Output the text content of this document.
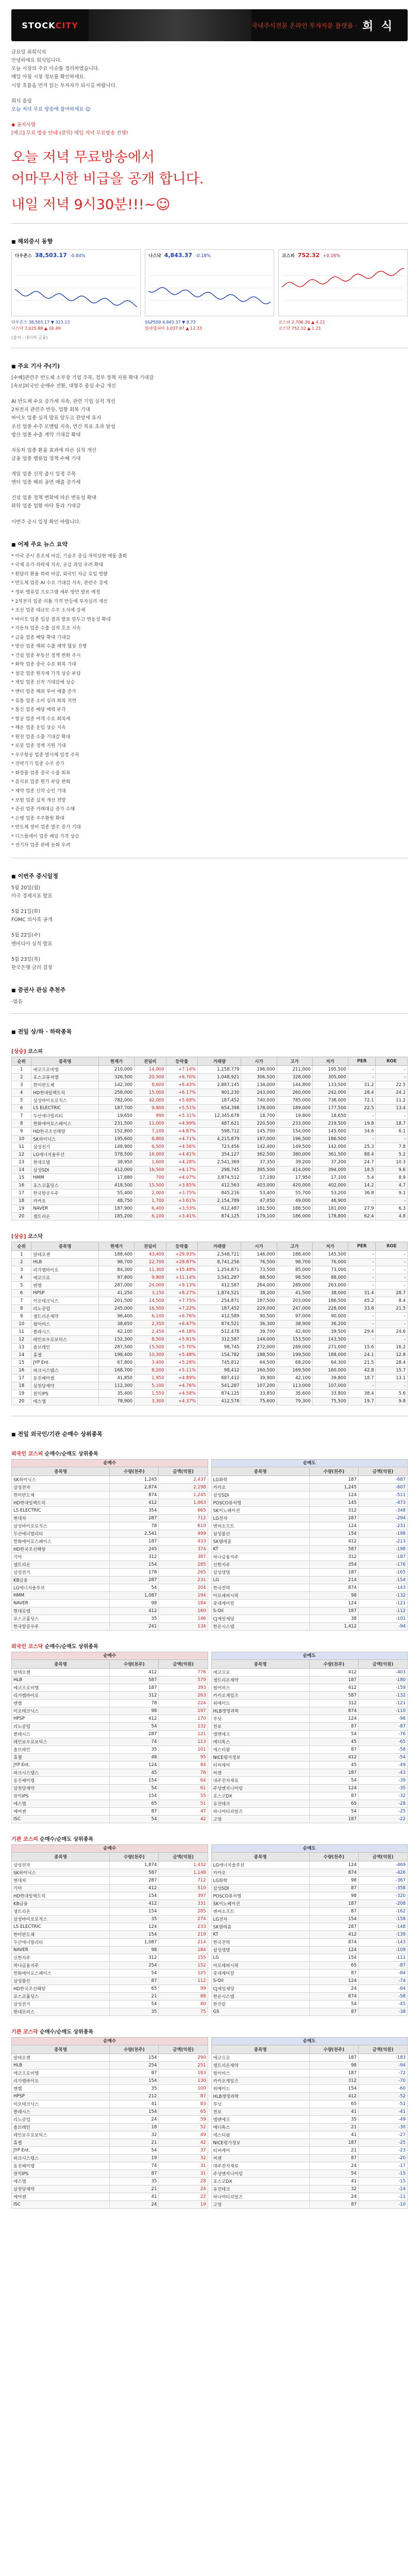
STOCK CITY	국내주식전문 온라인 투자자문 플랫폼 · 희 식

금요일 최희식의

안녕하세요 희식입니다.

오늘 시장의 주요 이슈를 정리하였습니다.

매일 아침 시장 정보를 확인하세요.

시장 흐름을 먼저 읽는 투자자가 되시길 바랍니다.

희식 올림

오늘 저녁 무료 방송에 참여하세요 ☺

◆ 공지사항

[예고] 무료 방송 안내 (클릭) 매일 저녁 무료방송 진행!

오늘 저녁 무료방송에서

어마무시한 비급을 공개 합니다.

내일 저녁 9시30분!!!~☺

■ 해외증시 동향
다우존스 38,503.17 -0.84%	나스닥 4,843.37 -0.18%	코스피 752.32 +0.16%
다우존스 38,503.17 ▼ 323.13
나스닥 7,025.88 ▲ 16.49
S&P500 4,843.37 ▼ 8.73
필라델피아 3,037.97 ▲ 12.33
코스피 2,706.36 ▲ 4.22
코스닥 752.32 ▲ 1.21
(출처 : 네이버 금융)
■ 주요 기사 주(기)

[수혜]관련주 반도체 소부장 기업 주목, 정부 정책 지원 확대 기대감

[속보]외국인 순매수 전환, 대형주 중심 수급 개선

AI 반도체 수요 증가세 지속, 관련 기업 실적 개선

2차전지 관련주 반등, 업황 회복 기대

바이오 업종 실적 발표 앞두고 관망세 유지

조선 업종 수주 모멘텀 지속, 연간 목표 초과 달성

방산 업종 수출 계약 기대감 확대

자동차 업종 환율 효과에 따른 실적 개선

금융 업종 밸류업 정책 수혜 기대

게임 업종 신작 출시 일정 주목

엔터 업종 해외 공연 매출 증가세

건설 업종 정책 변화에 따른 변동성 확대

화학 업종 업황 바닥 통과 기대감

이번주 증시 일정 확인 바랍니다.

■ 어제 주요 뉴스 요약

* 미국 증시 혼조세 마감, 기술주 중심 차익실현 매물 출회

* 국제 유가 하락세 지속, 공급 과잉 우려 확대

* 원달러 환율 하락 마감, 외국인 자금 유입 영향

* 반도체 업종 AI 수요 기대감 지속, 관련주 강세

* 정부 밸류업 프로그램 세부 방안 발표 예정

* 2차전지 업종 리튬 가격 반등에 투자심리 개선

* 조선 업종 대규모 수주 소식에 강세

* 바이오 업종 임상 결과 발표 앞두고 변동성 확대

* 자동차 업종 수출 실적 호조 지속

* 금융 업종 배당 확대 기대감

* 방산 업종 해외 수출 계약 협상 진행

* 건설 업종 부동산 정책 변화 주시

* 화학 업종 중국 수요 회복 기대

* 철강 업종 원자재 가격 상승 부담

* 게임 업종 신작 기대감에 상승

* 엔터 업종 해외 투어 매출 증가

* 유통 업종 소비 심리 회복 지연

* 통신 업종 배당 매력 부각

* 항공 업종 여객 수요 회복세

* 해운 업종 운임 상승 지속

* 원전 업종 수출 기대감 확대

* 로봇 업종 정책 지원 기대

* 우주항공 업종 발사체 일정 주목

* 전력기기 업종 수주 증가

* 화장품 업종 중국 수출 회복

* 음식료 업종 원가 부담 완화

* 제약 업종 신약 승인 기대

* 보험 업종 실적 개선 전망

* 증권 업종 거래대금 증가 수혜

* 은행 업종 주주환원 확대

* 반도체 장비 업종 발주 증가 기대

* 디스플레이 업종 패널 가격 상승

* 전기차 업종 판매 둔화 우려

■ 이번주 증시일정

5월 20일(월)

미국 경제지표 발표

5월 21일(화)

FOMC 의사록 공개

5월 22일(수)

엔비디아 실적 발표

5월 23일(목)

한국은행 금리 결정

■ 증권사 관심 추천주
-없음
■ 전일 상/하 · 하락종목
[상승] 코스피
순위	종목명	현재가	전일비	등락률	거래량	시가	고가	저가	PER	ROE
1	에코프로비엠	210,000	14,000	+7.14%	1,158,779	196,000	211,000	195,500	-	-
2	포스코퓨처엠	326,500	20,500	+6.70%	1,048,921	306,500	328,000	305,000	-	-
3	한미반도체	142,300	8,600	+6.43%	2,887,145	134,000	144,800	133,500	31.2	22.5
4	HD현대일렉트릭	258,000	15,000	+6.17%	901,230	243,000	260,000	242,000	28.4	24.1
5	삼성바이오로직스	782,000	42,000	+5.68%	187,452	740,000	785,000	738,000	72.1	11.2
6	LS ELECTRIC	187,700	9,800	+5.51%	654,398	178,000	189,000	177,500	22.5	13.4
7	두산에너빌리티	19,650	990	+5.31%	12,345,678	18,700	19,800	18,650	-	-
8	한화에어로스페이스	231,500	11,000	+4.99%	487,621	220,500	233,000	219,500	19.8	18.7
9	HD한국조선해양	152,800	7,100	+4.87%	598,712	145,700	154,000	145,000	34.6	6.1
10	SK하이닉스	195,600	8,800	+4.71%	4,215,879	187,000	196,500	186,500	-	-
11	삼성전기	148,900	6,500	+4.56%	723,456	142,400	149,500	142,000	25.3	7.8
12	LG에너지솔루션	378,500	16,000	+4.41%	354,127	362,500	380,000	361,500	88.4	5.2
13	현대로템	38,950	1,600	+4.28%	2,541,369	37,350	39,200	37,200	24.7	10.3
14	삼성SDI	412,000	16,500	+4.17%	298,745	395,500	414,000	394,000	18.5	9.6
15	HMM	17,880	700	+4.07%	3,874,512	17,180	17,950	17,100	5.4	8.9
16	포스코홀딩스	418,500	15,500	+3.85%	412,563	403,000	420,000	402,000	14.2	4.7
17	한국항공우주	55,400	2,000	+3.75%	845,216	53,400	55,700	53,200	36.8	9.1
18	카카오	48,750	1,700	+3.61%	2,154,789	47,050	49,000	46,900	-	-
19	NAVER	187,900	6,400	+3.53%	612,487	181,500	188,500	181,000	27.9	6.3
20	셀트리온	185,200	6,100	+3.41%	874,125	179,100	186,000	178,800	62.4	4.8
[상승] 코스닥
순위	종목명	현재가	전일비	등락률	거래량	시가	고가	저가	PER	ROE
1	알테오젠	188,400	43,400	+29.93%	2,548,721	146,000	188,400	145,500	-	-
2	HLB	98,700	22,700	+29.87%	8,741,256	76,500	98,700	76,000	-	-
3	리가켐바이오	84,300	11,300	+15.48%	1,254,871	73,500	85,000	73,000	-	-
4	에코프로	97,800	9,800	+11.14%	3,541,287	88,500	98,500	88,000	-	-
5	엔켐	287,000	24,000	+9.13%	412,587	264,000	289,000	263,000	-	-
6	HPSP	41,250	3,150	+8.27%	1,874,521	38,200	41,500	38,000	31.4	28.7
7	이오테크닉스	201,500	14,500	+7.75%	254,871	187,500	203,000	186,500	45.2	8.4
8	리노공업	245,000	16,500	+7.22%	187,452	229,000	247,000	228,000	33.8	21.5
9	셀트리온제약	96,400	6,100	+6.76%	412,589	90,500	97,000	90,000	-	-
10	펄어비스	38,650	2,350	+6.47%	874,521	36,300	38,900	36,200	-	-
11	클래시스	42,100	2,450	+6.18%	512,478	39,700	42,400	39,500	29.4	24.6
12	레인보우로보틱스	152,300	8,500	+5.91%	312,587	144,000	153,500	143,500	-	-
13	솔브레인	287,500	15,500	+5.70%	98,745	272,000	289,000	271,000	15.6	16.2
14	휴젤	198,400	10,300	+5.48%	154,782	188,500	199,500	188,000	24.1	12.8
15	JYP Ent.	67,800	3,400	+5.28%	745,812	64,500	68,200	64,300	21.5	28.4
16	파크시스템스	168,700	8,200	+5.11%	98,412	160,500	169,500	160,000	42.8	15.7
17	동진쎄미켐	41,850	1,950	+4.89%	687,412	39,900	42,100	39,800	18.7	13.1
18	삼천당제약	112,300	5,100	+4.76%	541,287	107,200	113,000	107,000	-	-
19	원익IPS	35,400	1,550	+4.58%	874,125	33,850	35,600	33,800	38.4	5.6
20	에스엠	78,900	3,300	+4.37%	412,578	75,600	79,300	75,500	19.7	9.8
■ 전일 외국인/기관 순매수 상위종목
외국인 코스피 순매수/순매도 상위종목
순매수
종목명	수량(천주)	금액(억원)
SK하이닉스	1,245	2,437
삼성전자	2,874	2,198
한미반도체	874	1,245
HD현대일렉트릭	412	1,063
LS ELECTRIC	354	665
현대차	287	712
삼성바이오로직스	78	610
두산에너빌리티	2,541	499
한화에어로스페이스	187	433
HD한국조선해양	245	374
기아	312	387
셀트리온	154	285
삼성전기	178	265
KB금융	287	231
LG에너지솔루션	54	204
HMM	1,087	194
NAVER	98	184
현대로템	412	160
포스코홀딩스	35	146
한국항공우주	241	134
순매도
종목명	수량(천주)	금액(억원)
LG화학	187	-687
카카오	1,245	-607
삼성SDI	124	-511
POSCO퓨처엠	145	-473
SK이노베이션	312	-348
LG전자	287	-294
엔씨소프트	124	-231
삼성물산	154	-198
SK텔레콤	412	-213
KT	587	-198
하나금융지주	312	-187
신한지주	354	-176
삼성생명	187	-165
LG	214	-154
한국전력	874	-143
아모레퍼시픽	98	-132
롯데케미칼	124	-121
S-Oil	187	-112
CJ제일제당	38	-101
한온시스템	1,412	-94
외국인 코스닥 순매수/순매도 상위종목
순매수
종목명	수량(천주)	금액(억원)
알테오젠	412	776
HLB	587	579
에코프로비엠	187	393
리가켐바이오	312	263
엔켐	78	224
이오테크닉스	98	197
HPSP	412	170
리노공업	54	132
클래시스	287	121
레인보우로보틱스	74	113
솔브레인	35	101
휴젤	48	95
JYP Ent.	124	84
파크시스템스	45	76
동진쎄미켐	154	64
삼천당제약	54	61
원익IPS	154	55
에스엠	65	51
케어젠	87	47
ISC	54	42
순매도
종목명	수량(천주)	금액(억원)
에코프로	412	-403
셀트리온제약	187	-180
펄어비스	412	-159
카카오게임즈	587	-132
위메이드	312	-121
HLB생명과학	874	-110
루닛	124	-98
천보	87	-87
엘앤에프	54	-76
메디톡스	45	-65
에스티팜	87	-58
NICE평가정보	412	-54
티씨케이	45	-49
씨젠	187	-43
대주전자재료	54	-39
주성엔지니어링	124	-35
포스코DX	87	-32
유진테크	65	-28
하나머티리얼즈	54	-25
고영	187	-22
기관 코스피 순매수/순매도 상위종목
순매수
종목명	수량(천주)	금액(억원)
삼성전자	1,874	1,432
SK하이닉스	587	1,148
현대차	287	712
기아	412	510
HD현대일렉트릭	154	397
KB금융	412	331
셀트리온	154	285
삼성바이오로직스	35	274
LS ELECTRIC	124	233
한미반도체	154	219
두산에너빌리티	1,087	214
NAVER	98	184
신한지주	312	155
하나금융지주	254	152
한화에어로스페이스	54	125
삼성물산	87	112
HD한국조선해양	65	99
포스코홀딩스	21	88
삼성전기	54	80
현대모비스	35	75
순매도
종목명	수량(천주)	금액(억원)
LG에너지솔루션	124	-469
카카오	874	-426
LG화학	98	-367
삼성SDI	87	-358
POSCO퓨처엠	98	-320
SK이노베이션	187	-208
엔씨소프트	87	-162
LG전자	154	-158
SK텔레콤	287	-148
KT	412	-139
한국전력	874	-143
삼성생명	124	-109
LG	154	-111
아모레퍼시픽	65	-87
롯데케미칼	87	-84
S-Oil	124	-74
CJ제일제당	24	-64
한온시스템	874	-58
한진칼	54	-45
GS	87	-38
기관 코스닥 순매수/순매도 상위종목
순매수
종목명	수량(천주)	금액(억원)
알테오젠	154	290
HLB	254	251
에코프로비엠	87	183
리가켐바이오	154	130
엔켐	35	100
HPSP	212	87
이오테크닉스	41	83
클래시스	154	65
리노공업	24	59
솔브레인	18	52
레인보우로보틱스	32	49
휴젤	21	42
JYP Ent.	54	37
파크시스템스	19	32
동진쎄미켐	74	31
원익IPS	87	31
에스엠	35	28
삼천당제약	21	24
케어젠	41	22
ISC	24	19
순매도
종목명	수량(천주)	금액(억원)
에코프로	187	-183
셀트리온제약	98	-94
펄어비스	187	-72
카카오게임즈	312	-70
위메이드	154	-60
HLB생명과학	412	-52
루닛	65	-51
천보	41	-41
엘앤에프	35	-49
메디톡스	21	-30
에스티팜	41	-27
NICE평가정보	187	-25
티씨케이	21	-23
씨젠	87	-20
대주전자재료	24	-17
주성엔지니어링	54	-15
포스코DX	41	-15
유진테크	32	-14
하나머티리얼즈	24	-11
고영	87	-10
